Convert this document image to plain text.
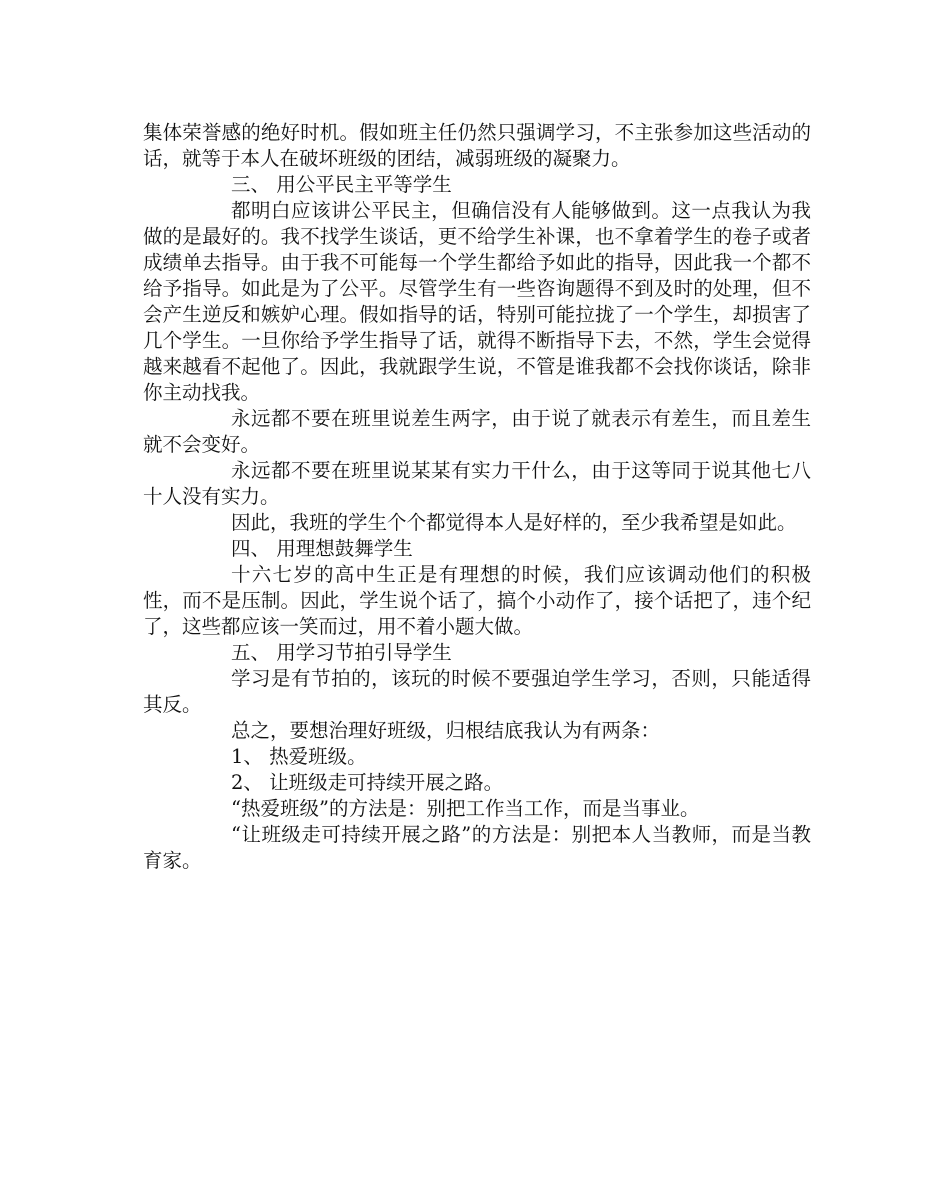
集体荣誉感的绝好时机。假如班主任仍然只强调学习，不主张参加这些活动的话，就等于本人在破坏班级的团结，减弱班级的凝聚力。

三、 用公平民主平等学生

都明白应该讲公平民主，但确信没有人能够做到。这一点我认为我做的是最好的。我不找学生谈话，更不给学生补课，也不拿着学生的卷子或者成绩单去指导。由于我不可能每一个学生都给予如此的指导，因此我一个都不给予指导。如此是为了公平。尽管学生有一些咨询题得不到及时的处理，但不会产生逆反和嫉妒心理。假如指导的话，特别可能拉拢了一个学生，却损害了几个学生。一旦你给予学生指导了话，就得不断指导下去，不然，学生会觉得越来越看不起他了。因此，我就跟学生说，不管是谁我都不会找你谈话，除非你主动找我。

永远都不要在班里说差生两字，由于说了就表示有差生，而且差生就不会变好。

永远都不要在班里说某某有实力干什么，由于这等同于说其他七八十人没有实力。

因此，我班的学生个个都觉得本人是好样的，至少我希望是如此。

四、 用理想鼓舞学生

十六七岁的高中生正是有理想的时候，我们应该调动他们的积极性，而不是压制。因此，学生说个话了，搞个小动作了，接个话把了，违个纪了，这些都应该一笑而过，用不着小题大做。

五、 用学习节拍引导学生

学习是有节拍的，该玩的时候不要强迫学生学习，否则，只能适得其反。

总之，要想治理好班级，归根结底我认为有两条：

1、 热爱班级。

2、 让班级走可持续开展之路。

“热爱班级”的方法是：别把工作当工作，而是当事业。

“让班级走可持续开展之路”的方法是：别把本人当教师，而是当教育家。
